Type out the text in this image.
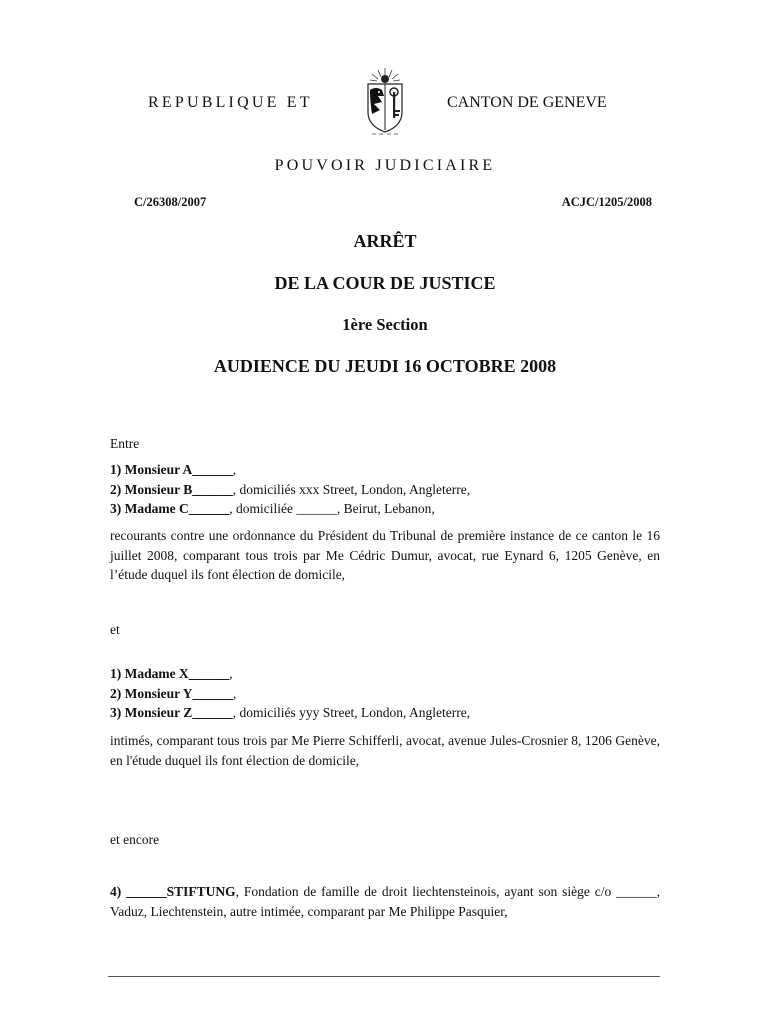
REPUBLIQUE ET	CANTON DE GENEVE
POUVOIR JUDICIAIRE
C/26308/2007	ACJC/1205/2008
ARRÊT
DE LA COUR DE JUSTICE
1ère Section
AUDIENCE DU JEUDI 16 OCTOBRE 2008
Entre
1) Monsieur A______,
2) Monsieur B______, domiciliés xxx Street, London, Angleterre,
3) Madame C______, domiciliée ______, Beirut, Lebanon,
recourants contre une ordonnance du Président du Tribunal de première instance de ce canton le 16 juillet 2008, comparant tous trois par Me Cédric Dumur, avocat, rue Eynard 6, 1205 Genève, en l’étude duquel ils font élection de domicile,
et
1) Madame X______,
2) Monsieur Y______,
3) Monsieur Z______, domiciliés yyy Street, London, Angleterre,
intimés, comparant tous trois par Me Pierre Schifferli, avocat, avenue Jules-Crosnier 8, 1206 Genève, en l'étude duquel ils font élection de domicile,
et encore
4) ______STIFTUNG, Fondation de famille de droit liechtensteinois, ayant son siège c/o ______, Vaduz, Liechtenstein, autre intimée, comparant par Me Philippe Pasquier,
